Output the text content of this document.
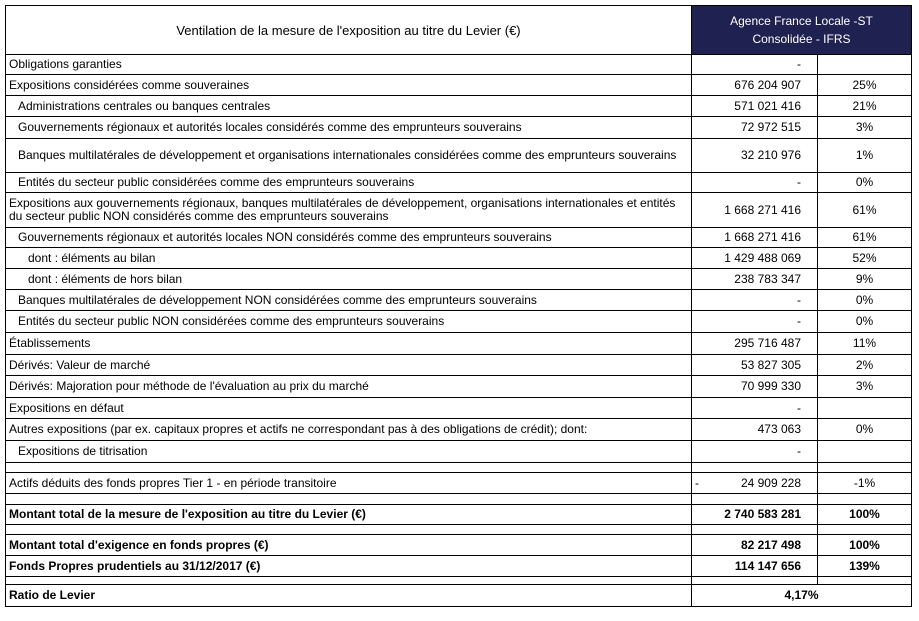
Ventilation de la mesure de l'exposition au titre du Levier (€)	Agence France Locale -ST
Consolidée - IFRS	

Obligations garanties	-	
Expositions considérées comme souveraines	676 204 907	25%
Administrations centrales ou banques centrales	571 021 416	21%
Gouvernements régionaux et autorités locales considérés comme des emprunteurs souverains	72 972 515	3%
Banques multilatérales de développement et organisations internationales considérées comme des emprunteurs souverains	32 210 976	1%
Entités du secteur public considérées comme des emprunteurs souverains	-	0%
Expositions aux gouvernements régionaux, banques multilatérales de développement, organisations internationales et entités du secteur public NON considérés comme des emprunteurs souverains	1 668 271 416	61%
Gouvernements régionaux et autorités locales NON considérés comme des emprunteurs souverains	1 668 271 416	61%
dont : éléments au bilan	1 429 488 069	52%
dont : éléments de hors bilan	238 783 347	9%
Banques multilatérales de développement NON considérées comme des emprunteurs souverains	-	0%
Entités du secteur public NON considérées comme des emprunteurs souverains	-	0%
Établissements	295 716 487	11%
Dérivés: Valeur de marché	53 827 305	2%
Dérivés: Majoration pour méthode de l'évaluation au prix du marché	70 999 330	3%
Expositions en défaut	-	
Autres expositions (par ex. capitaux propres et actifs ne correspondant pas à des obligations de crédit); dont:	473 063	0%
Expositions de titrisation	-	

Actifs déduits des fonds propres Tier 1 - en période transitoire	- 24 909 228	-1%

Montant total de la mesure de l'exposition au titre du Levier (€)	2 740 583 281	100%

Montant total d'exigence en fonds propres (€)	82 217 498	100%
Fonds Propres prudentiels au 31/12/2017 (€)	114 147 656	139%

Ratio de Levier	4,17%	
